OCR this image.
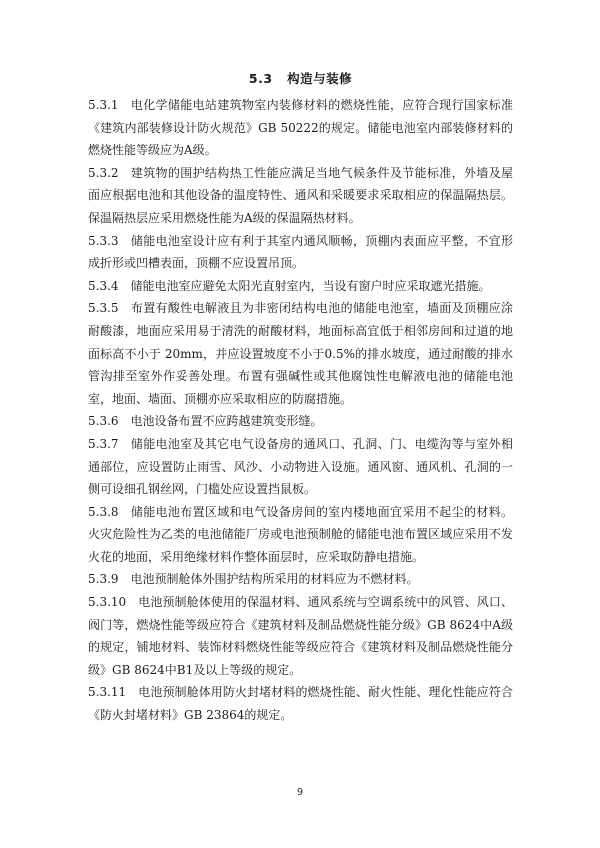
5.3 构造与装修

5.3.1 电化学储能电站建筑物室内装修材料的燃烧性能，应符合现行国家标准《建筑内部装修设计防火规范》GB 50222的规定。储能电池室内部装修材料的燃烧性能等级应为A级。

5.3.2 建筑物的围护结构热工性能应满足当地气候条件及节能标准，外墙及屋面应根据电池和其他设备的温度特性、通风和采暖要求采取相应的保温隔热层。保温隔热层应采用燃烧性能为A级的保温隔热材料。

5.3.3 储能电池室设计应有利于其室内通风顺畅，顶棚内表面应平整，不宜形成折形或凹槽表面，顶棚不应设置吊顶。

5.3.4 储能电池室应避免太阳光直射室内，当设有窗户时应采取遮光措施。

5.3.5 布置有酸性电解液且为非密闭结构电池的储能电池室，墙面及顶棚应涂耐酸漆，地面应采用易于清洗的耐酸材料，地面标高宜低于相邻房间和过道的地面标高不小于 20mm，并应设置坡度不小于0.5%的排水坡度，通过耐酸的排水管沟排至室外作妥善处理。布置有强碱性或其他腐蚀性电解液电池的储能电池室，地面、墙面、顶棚亦应采取相应的防腐措施。

5.3.6 电池设备布置不应跨越建筑变形缝。

5.3.7 储能电池室及其它电气设备房的通风口、孔洞、门、电缆沟等与室外相通部位，应设置防止雨雪、风沙、小动物进入设施。通风窗、通风机、孔洞的一侧可设细孔钢丝网，门槛处应设置挡鼠板。

5.3.8 储能电池布置区域和电气设备房间的室内楼地面宜采用不起尘的材料。火灾危险性为乙类的电池储能厂房或电池预制舱的储能电池布置区域应采用不发火花的地面，采用绝缘材料作整体面层时，应采取防静电措施。

5.3.9 电池预制舱体外围护结构所采用的材料应为不燃材料。

5.3.10 电池预制舱体使用的保温材料、通风系统与空调系统中的风管、风口、阀门等，燃烧性能等级应符合《建筑材料及制品燃烧性能分级》GB 8624中A级的规定，铺地材料、装饰材料燃烧性能等级应符合《建筑材料及制品燃烧性能分级》GB 8624中B1及以上等级的规定。

5.3.11 电池预制舱体用防火封堵材料的燃烧性能、耐火性能、理化性能应符合《防火封堵材料》GB 23864的规定。

9
